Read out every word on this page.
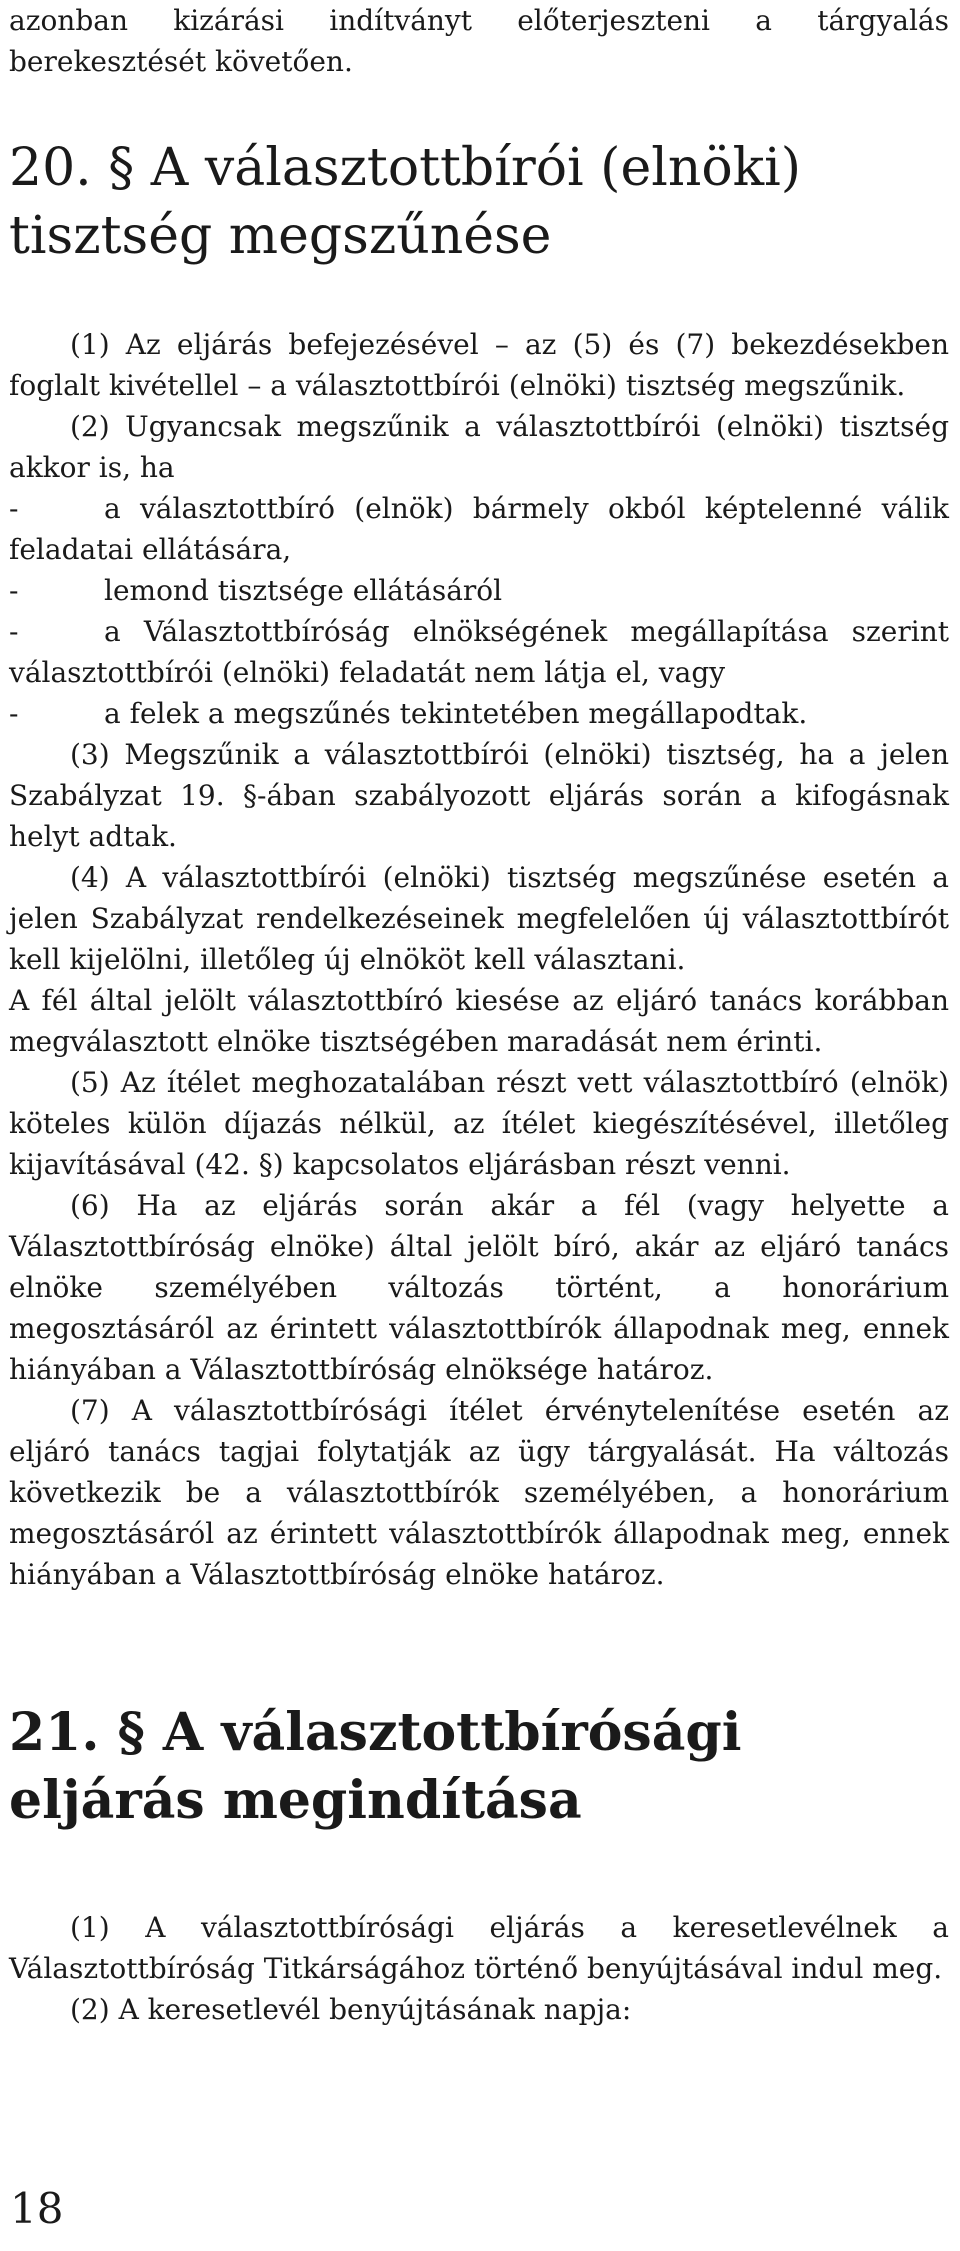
azonban kizárási indítványt előterjeszteni a tárgyalás berekesztését követően.

20. § A választottbírói (elnöki) tisztség megszűnése

(1) Az eljárás befejezésével – az (5) és (7) bekezdésekben foglalt kivétellel – a választottbírói (elnöki) tisztség megszűnik.

(2) Ugyancsak megszűnik a választottbírói (elnöki) tisztség akkor is, ha

-	a választottbíró (elnök) bármely okból képtelenné válik feladatai ellátására,
-	lemond tisztsége ellátásáról
-	a Választottbíróság elnökségének megállapítása szerint választottbírói (elnöki) feladatát nem látja el, vagy
-	a felek a megszűnés tekintetében megállapodtak.

(3) Megszűnik a választottbírói (elnöki) tisztség, ha a jelen Szabályzat 19. §-ában szabályozott eljárás során a kifogásnak helyt adtak.

(4) A választottbírói (elnöki) tisztség megszűnése esetén a jelen Szabályzat rendelkezéseinek megfelelően új választottbírót kell kijelölni, illetőleg új elnököt kell választani.

A fél által jelölt választottbíró kiesése az eljáró tanács korábban megválasztott elnöke tisztségében maradását nem érinti.

(5) Az ítélet meghozatalában részt vett választottbíró (elnök) köteles külön díjazás nélkül, az ítélet kiegészítésével, illetőleg kijavításával (42. §) kapcsolatos eljárásban részt venni.

(6) Ha az eljárás során akár a fél (vagy helyette a Választottbíróság elnöke) által jelölt bíró, akár az eljáró tanács elnöke személyében változás történt, a honorárium megosztásáról az érintett választottbírók állapodnak meg, ennek hiányában a Választottbíróság elnöksége határoz.

(7) A választottbírósági ítélet érvénytelenítése esetén az eljáró tanács tagjai folytatják az ügy tárgyalását. Ha változás következik be a választottbírók személyében, a honorárium megosztásáról az érintett választottbírók állapodnak meg, ennek hiányában a Választottbíróság elnöke határoz.

21. § A választottbírósági eljárás megindítása

(1) A választottbírósági eljárás a keresetlevélnek a Választottbíróság Titkárságához történő benyújtásával indul meg.

(2) A keresetlevél benyújtásának napja:

18
